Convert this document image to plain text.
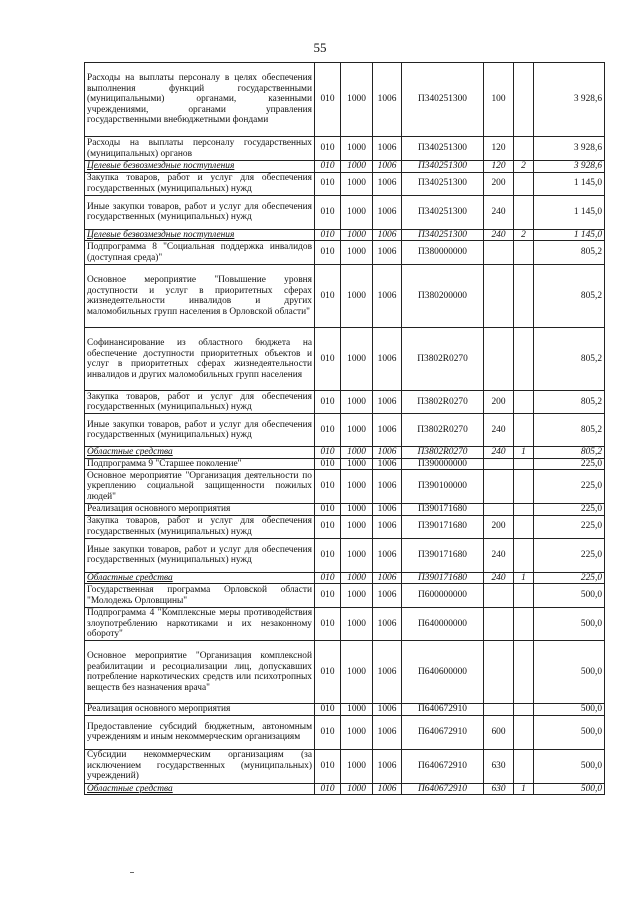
55
Расходы на выплаты персоналу в целях обеспечения выполнения функций государственными (муниципальными) органами, казенными учреждениями, органами управления государственными внебюджетными фондами	010	1000	1006	П340251300	100		3 928,6
Расходы на выплаты персоналу государственных (муниципальных) органов	010	1000	1006	П340251300	120		3 928,6
Целевые безвозмездные поступления	010	1000	1006	П340251300	120	2	3 928,6
Закупка товаров, работ и услуг для обеспечения государственных (муниципальных) нужд	010	1000	1006	П340251300	200		1 145,0
Иные закупки товаров, работ и услуг для обеспечения государственных (муниципальных) нужд	010	1000	1006	П340251300	240		1 145,0
Целевые безвозмездные поступления	010	1000	1006	П340251300	240	2	1 145,0
Подпрограмма 8 "Социальная поддержка инвалидов (доступная среда)"	010	1000	1006	П380000000			805,2
Основное мероприятие "Повышение уровня доступности и услуг в приоритетных сферах жизнедеятельности инвалидов и других маломобильных групп населения в Орловской области"	010	1000	1006	П380200000			805,2
Софинансирование из областного бюджета на обеспечение доступности приоритетных объектов и услуг в приоритетных сферах жизнедеятельности инвалидов и других маломобильных групп населения	010	1000	1006	П3802R0270			805,2
Закупка товаров, работ и услуг для обеспечения государственных (муниципальных) нужд	010	1000	1006	П3802R0270	200		805,2
Иные закупки товаров, работ и услуг для обеспечения государственных (муниципальных) нужд	010	1000	1006	П3802R0270	240		805,2
Областные средства	010	1000	1006	П3802R0270	240	1	805,2
Подпрограмма 9 "Старшее поколение"	010	1000	1006	П390000000			225,0
Основное мероприятие "Организация деятельности по укреплению социальной защищенности пожилых людей"	010	1000	1006	П390100000			225,0
Реализация основного мероприятия	010	1000	1006	П390171680			225,0
Закупка товаров, работ и услуг для обеспечения государственных (муниципальных) нужд	010	1000	1006	П390171680	200		225,0
Иные закупки товаров, работ и услуг для обеспечения государственных (муниципальных) нужд	010	1000	1006	П390171680	240		225,0
Областные средства	010	1000	1006	П390171680	240	1	225,0
Государственная программа Орловской области "Молодежь Орловщины"	010	1000	1006	П600000000			500,0
Подпрограмма 4 "Комплексные меры противодействия злоупотреблению наркотиками и их незаконному обороту"	010	1000	1006	П640000000			500,0
Основное мероприятие "Организация комплексной реабилитации и ресоциализации лиц, допускавших потребление наркотических средств или психотропных веществ без назначения врача"	010	1000	1006	П640600000			500,0
Реализация основного мероприятия	010	1000	1006	П640672910			500,0
Предоставление субсидий бюджетным, автономным учреждениям и иным некоммерческим организациям	010	1000	1006	П640672910	600		500,0
Субсидии некоммерческим организациям (за исключением государственных (муниципальных) учреждений)	010	1000	1006	П640672910	630		500,0
Областные средства	010	1000	1006	П640672910	630	1	500,0
